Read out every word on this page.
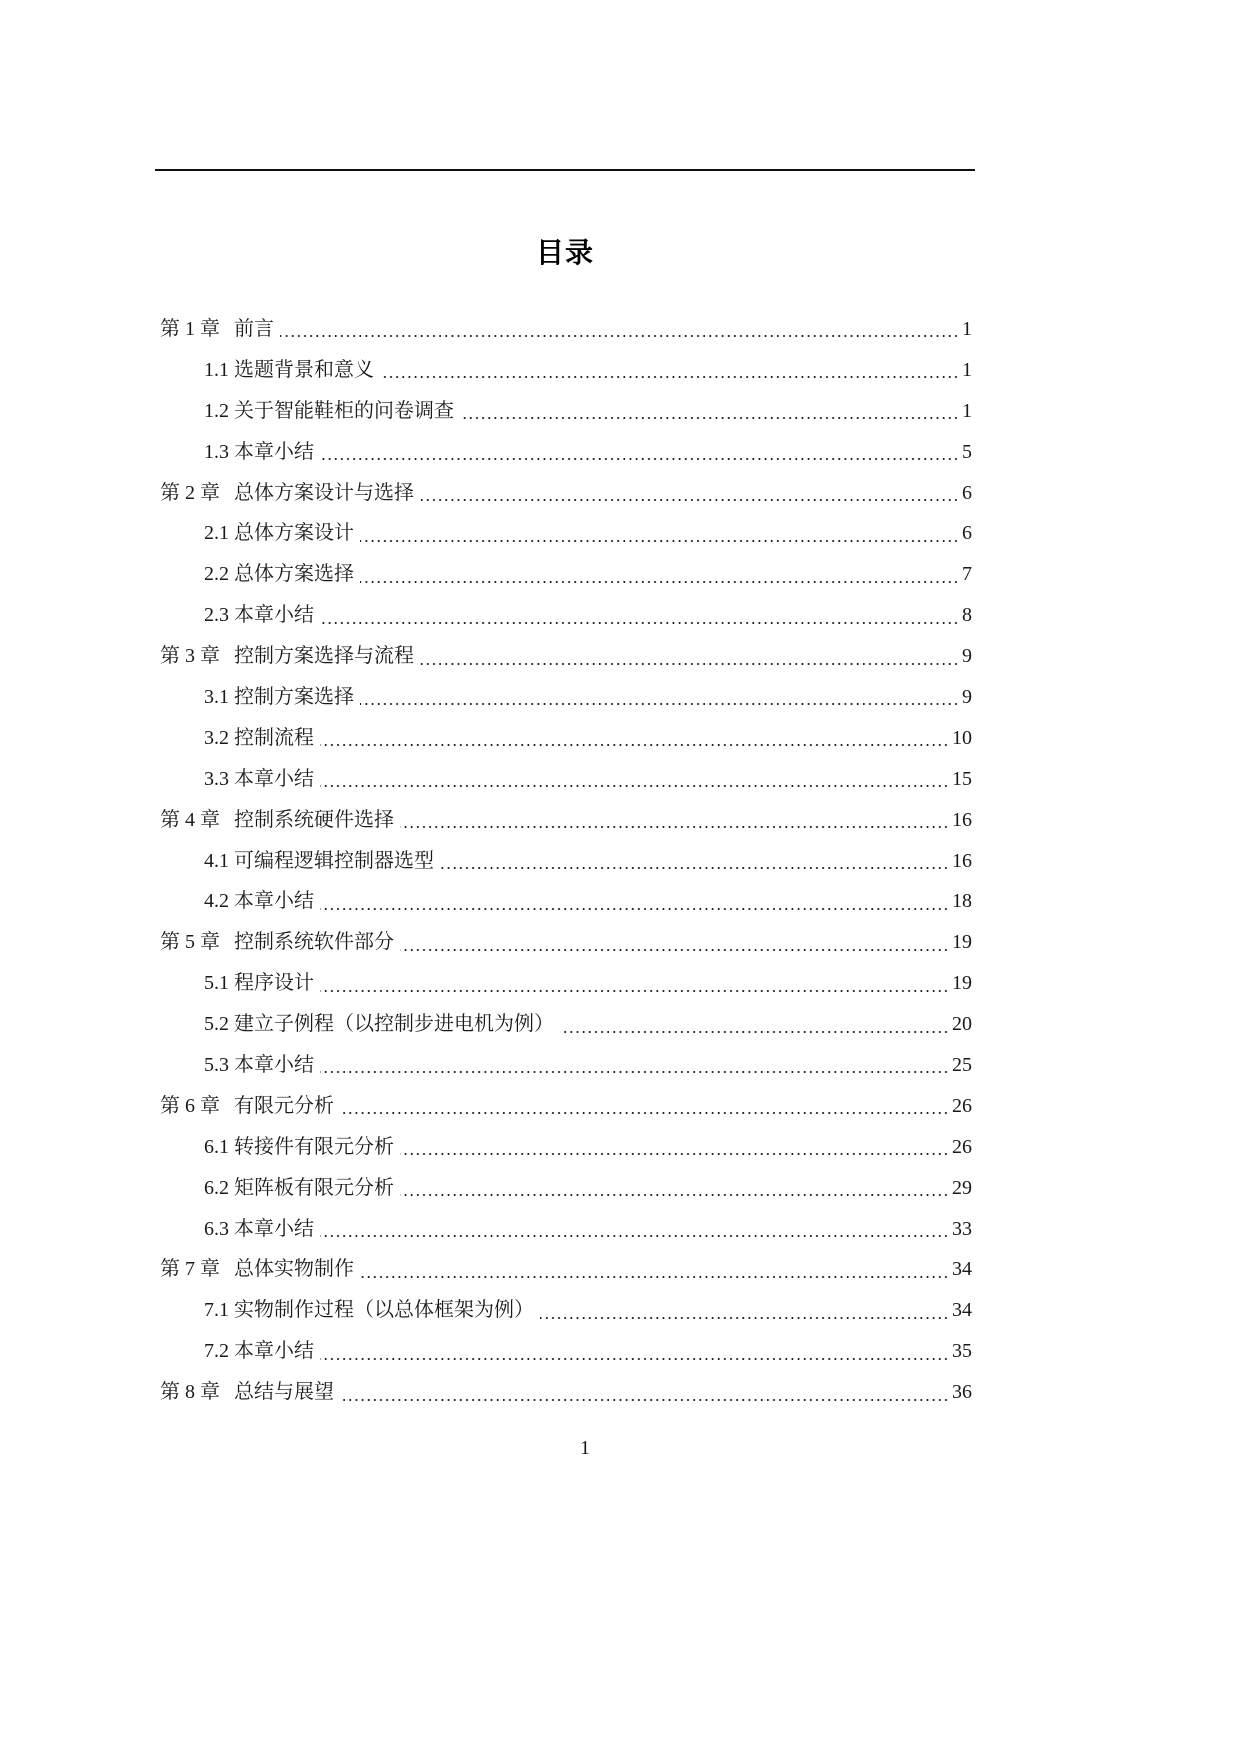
目录
第 1 章 前言	1
1.1 选题背景和意义	1
1.2 关于智能鞋柜的问卷调查	1
1.3 本章小结	5
第 2 章 总体方案设计与选择	6
2.1 总体方案设计	6
2.2 总体方案选择	7
2.3 本章小结	8
第 3 章 控制方案选择与流程	9
3.1 控制方案选择	9
3.2 控制流程	10
3.3 本章小结	15
第 4 章 控制系统硬件选择	16
4.1 可编程逻辑控制器选型	16
4.2 本章小结	18
第 5 章 控制系统软件部分	19
5.1 程序设计	19
5.2 建立子例程（以控制步进电机为例）	20
5.3 本章小结	25
第 6 章 有限元分析	26
6.1 转接件有限元分析	26
6.2 矩阵板有限元分析	29
6.3 本章小结	33
第 7 章 总体实物制作	34
7.1 实物制作过程（以总体框架为例）	34
7.2 本章小结	35
第 8 章 总结与展望	36
1
